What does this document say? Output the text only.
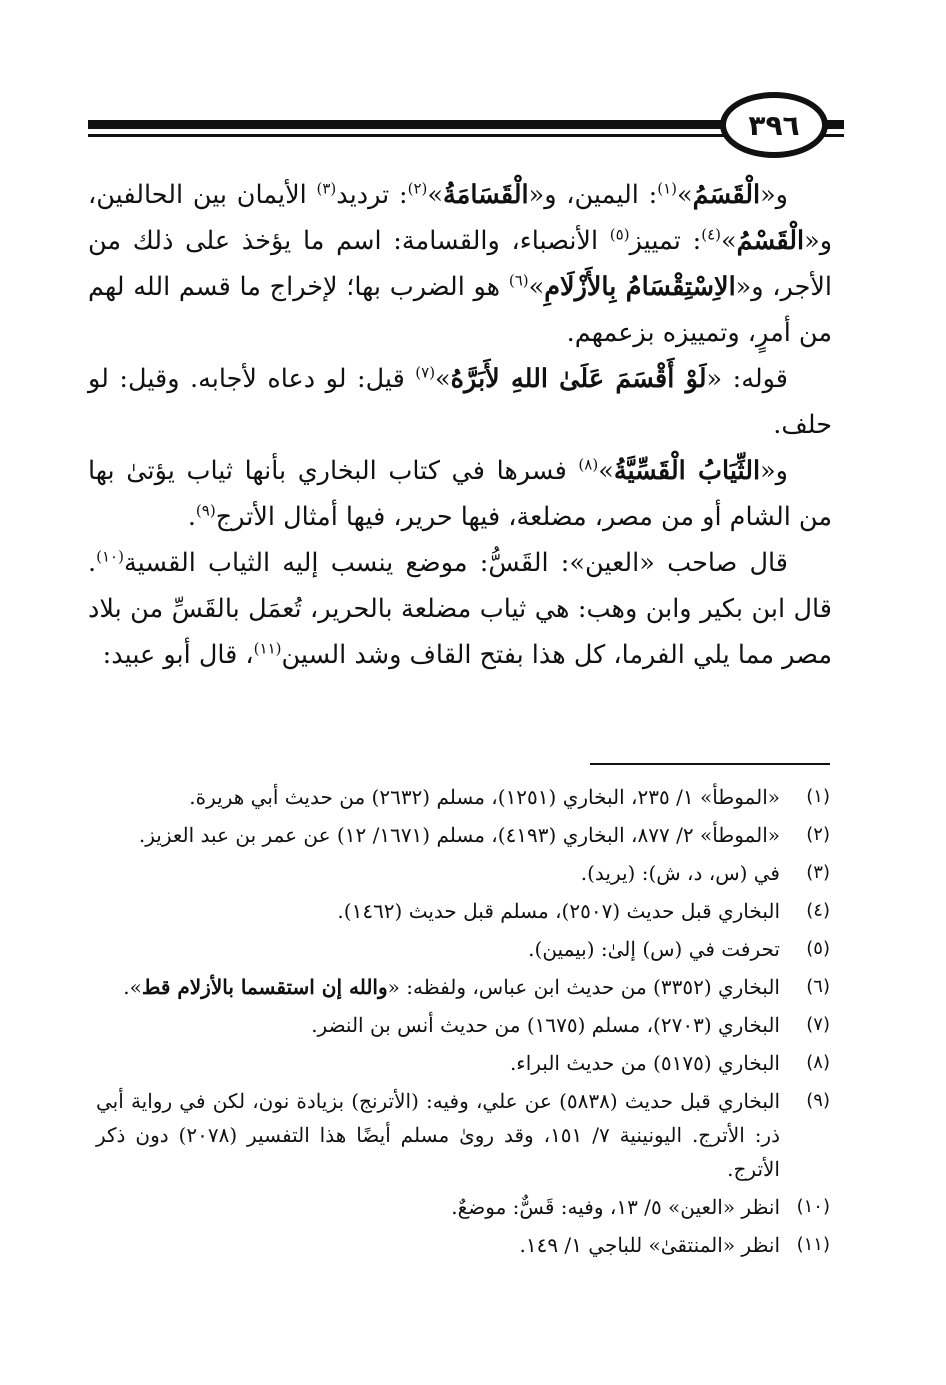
٣٩٦

و«الْقَسَمُ»$^{(١)}$: اليمين، و«الْقَسَامَةُ»$^{(٢)}$: ترديد$^{(٣)}$ الأيمان بين الحالفين، و«الْقَسْمُ»$^{(٤)}$: تمييز$^{(٥)}$ الأنصباء، والقسامة: اسم ما يؤخذ على ذلك من الأجر، و«الاِسْتِقْسَامُ بِالأَزْلَامِ»$^{(٦)}$ هو الضرب بها؛ لإخراج ما قسم الله لهم من أمرٍ، وتمييزه بزعمهم.

قوله: «لَوْ أَقْسَمَ عَلَىٰ اللهِ لأَبَرَّهُ»$^{(٧)}$ قيل: لو دعاه لأجابه. وقيل: لو حلف.

و«الثِّيَابُ الْقَسِّيَّةُ»$^{(٨)}$ فسرها في كتاب البخاري بأنها ثياب يؤتىٰ بها من الشام أو من مصر، مضلعة، فيها حرير، فيها أمثال الأترج$^{(٩)}$.

قال صاحب «العين»: القَسُّ: موضع ينسب إليه الثياب القسية$^{(١٠)}$. قال ابن بكير وابن وهب: هي ثياب مضلعة بالحرير، تُعمَل بالقَسِّ من بلاد مصر مما يلي الفرما، كل هذا بفتح القاف وشد السين$^{(١١)}$، قال أبو عبيد:

(١)
«الموطأ» ١/ ٢٣٥، البخاري (١٢٥١)، مسلم (٢٦٣٢) من حديث أبي هريرة.
(٢)
«الموطأ» ٢/ ٨٧٧، البخاري (٤١٩٣)، مسلم (١٦٧١/ ١٢) عن عمر بن عبد العزيز.
(٣)
في (س، د، ش): (يريد).
(٤)
البخاري قبل حديث (٢٥٠٧)، مسلم قبل حديث (١٤٦٢).
(٥)
تحرفت في (س) إلىٰ: (بيمين).
(٦)
البخاري (٣٣٥٢) من حديث ابن عباس، ولفظه: «والله إن استقسما بالأزلام قط».
(٧)
البخاري (٢٧٠٣)، مسلم (١٦٧٥) من حديث أنس بن النضر.
(٨)
البخاري (٥١٧٥) من حديث البراء.
(٩)
البخاري قبل حديث (٥٨٣٨) عن علي، وفيه: (الأترنج) بزيادة نون، لكن في رواية أبي ذر: الأترج. اليونينية ٧/ ١٥١، وقد روىٰ مسلم أيضًا هذا التفسير (٢٠٧٨) دون ذكر الأترج.
(١٠)
انظر «العين» ٥/ ١٣، وفيه: قَسٌّ: موضعٌ.
(١١)
انظر «المنتقىٰ» للباجي ١/ ١٤٩.
